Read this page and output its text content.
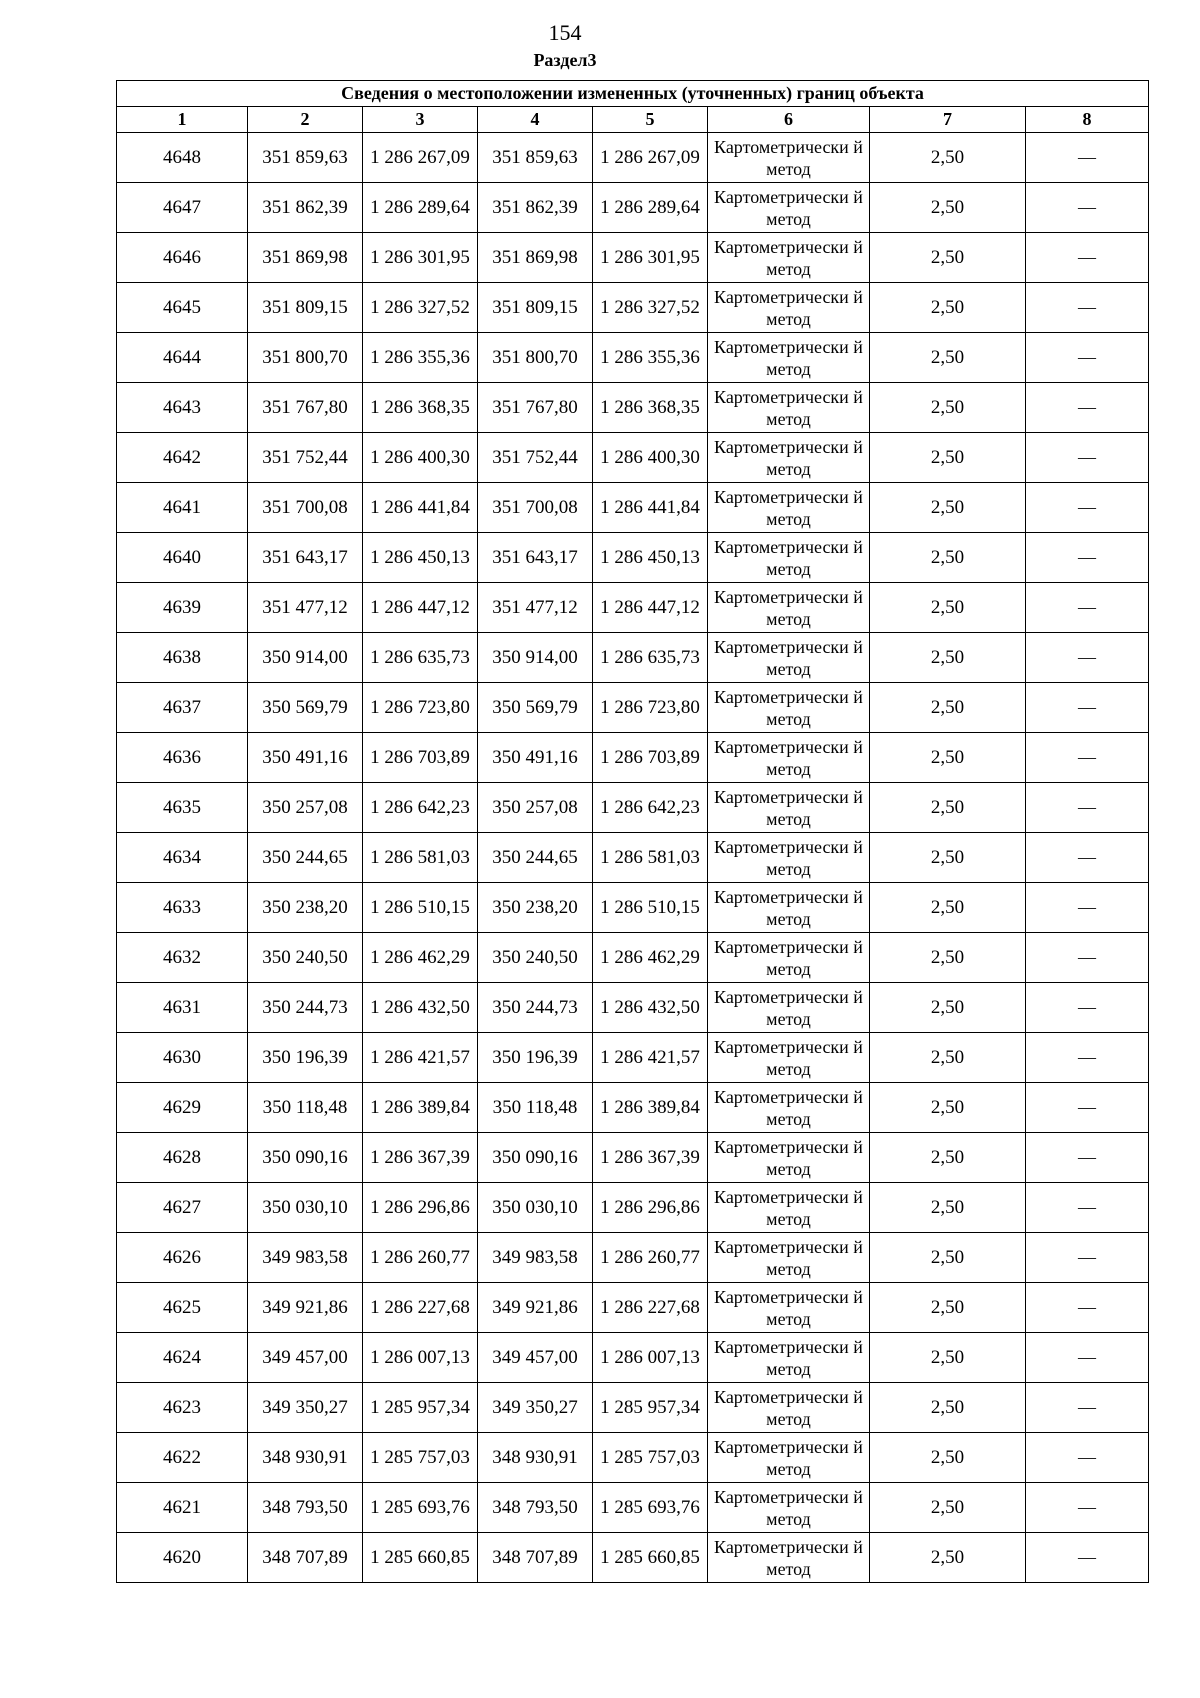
154
Раздел3
Сведения о местоположении измененных (уточненных) границ объекта							
1	2	3	4	5	6	7	8
4648	351 859,63	1 286 267,09	351 859,63	1 286 267,09	Картометрически й метод	2,50	—
4647	351 862,39	1 286 289,64	351 862,39	1 286 289,64	Картометрически й метод	2,50	—
4646	351 869,98	1 286 301,95	351 869,98	1 286 301,95	Картометрически й метод	2,50	—
4645	351 809,15	1 286 327,52	351 809,15	1 286 327,52	Картометрически й метод	2,50	—
4644	351 800,70	1 286 355,36	351 800,70	1 286 355,36	Картометрически й метод	2,50	—
4643	351 767,80	1 286 368,35	351 767,80	1 286 368,35	Картометрически й метод	2,50	—
4642	351 752,44	1 286 400,30	351 752,44	1 286 400,30	Картометрически й метод	2,50	—
4641	351 700,08	1 286 441,84	351 700,08	1 286 441,84	Картометрически й метод	2,50	—
4640	351 643,17	1 286 450,13	351 643,17	1 286 450,13	Картометрически й метод	2,50	—
4639	351 477,12	1 286 447,12	351 477,12	1 286 447,12	Картометрически й метод	2,50	—
4638	350 914,00	1 286 635,73	350 914,00	1 286 635,73	Картометрически й метод	2,50	—
4637	350 569,79	1 286 723,80	350 569,79	1 286 723,80	Картометрически й метод	2,50	—
4636	350 491,16	1 286 703,89	350 491,16	1 286 703,89	Картометрически й метод	2,50	—
4635	350 257,08	1 286 642,23	350 257,08	1 286 642,23	Картометрически й метод	2,50	—
4634	350 244,65	1 286 581,03	350 244,65	1 286 581,03	Картометрически й метод	2,50	—
4633	350 238,20	1 286 510,15	350 238,20	1 286 510,15	Картометрически й метод	2,50	—
4632	350 240,50	1 286 462,29	350 240,50	1 286 462,29	Картометрически й метод	2,50	—
4631	350 244,73	1 286 432,50	350 244,73	1 286 432,50	Картометрически й метод	2,50	—
4630	350 196,39	1 286 421,57	350 196,39	1 286 421,57	Картометрически й метод	2,50	—
4629	350 118,48	1 286 389,84	350 118,48	1 286 389,84	Картометрически й метод	2,50	—
4628	350 090,16	1 286 367,39	350 090,16	1 286 367,39	Картометрически й метод	2,50	—
4627	350 030,10	1 286 296,86	350 030,10	1 286 296,86	Картометрически й метод	2,50	—
4626	349 983,58	1 286 260,77	349 983,58	1 286 260,77	Картометрически й метод	2,50	—
4625	349 921,86	1 286 227,68	349 921,86	1 286 227,68	Картометрически й метод	2,50	—
4624	349 457,00	1 286 007,13	349 457,00	1 286 007,13	Картометрически й метод	2,50	—
4623	349 350,27	1 285 957,34	349 350,27	1 285 957,34	Картометрически й метод	2,50	—
4622	348 930,91	1 285 757,03	348 930,91	1 285 757,03	Картометрически й метод	2,50	—
4621	348 793,50	1 285 693,76	348 793,50	1 285 693,76	Картометрически й метод	2,50	—
4620	348 707,89	1 285 660,85	348 707,89	1 285 660,85	Картометрически й метод	2,50	—
